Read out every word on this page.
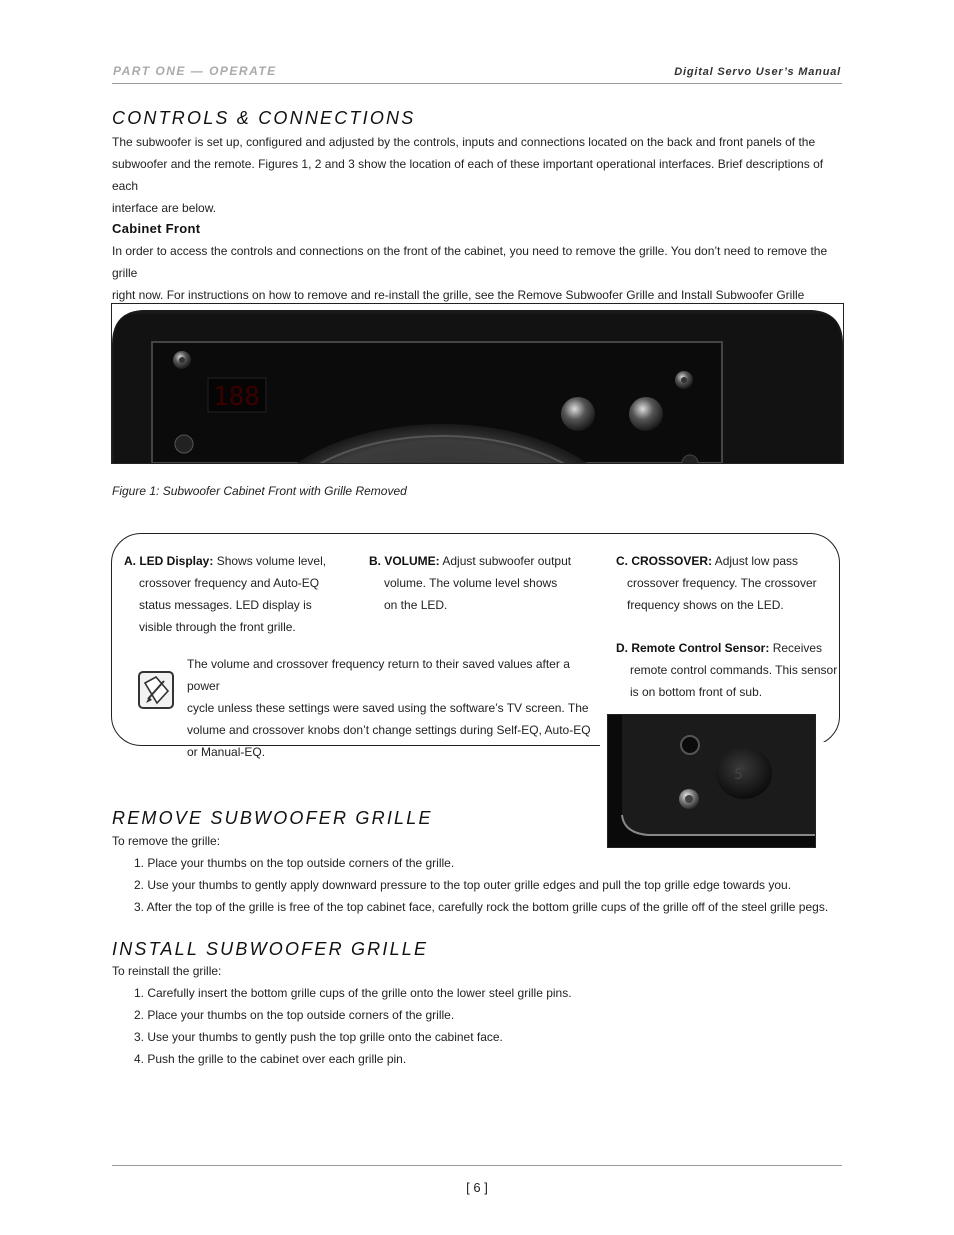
PART ONE — OPERATE	Digital Servo User’s Manual
CONTROLS & CONNECTIONS
The subwoofer is set up, configured and adjusted by the controls, inputs and connections located on the back and front panels of the
subwoofer and the remote. Figures 1, 2 and 3 show the location of each of these important operational interfaces. Brief descriptions of each
interface are below.
Cabinet Front
In order to access the controls and connections on the front of the cabinet, you need to remove the grille. You don’t need to remove the grille
right now. For instructions on how to remove and re-install the grille, see the Remove Subwoofer Grille and Install Subwoofer Grille
188
Figure 1: Subwoofer Cabinet Front with Grille Removed
A. LED Display: Shows volume level,
crossover frequency and Auto-EQ
status messages. LED display is
visible through the front grille.
B. VOLUME: Adjust subwoofer output
volume. The volume level shows
on the LED.
C. CROSSOVER: Adjust low pass
crossover frequency. The crossover
frequency shows on the LED.
D. Remote Control Sensor: Receives
remote control commands. This sensor
is on bottom front of sub.
The volume and crossover frequency return to their saved values after a power
cycle unless these settings were saved using the software’s TV screen. The
volume and crossover knobs don’t change settings during Self-EQ, Auto-EQ
or Manual-EQ.
5
REMOVE SUBWOOFER GRILLE
To remove the grille:
1. Place your thumbs on the top outside corners of the grille.
2. Use your thumbs to gently apply downward pressure to the top outer grille edges and pull the top grille edge towards you.
3. After the top of the grille is free of the top cabinet face, carefully rock the bottom grille cups of the grille off of the steel grille pegs.
INSTALL SUBWOOFER GRILLE
To reinstall the grille:
1. Carefully insert the bottom grille cups of the grille onto the lower steel grille pins.
2. Place your thumbs on the top outside corners of the grille.
3. Use your thumbs to gently push the top grille onto the cabinet face.
4. Push the grille to the cabinet over each grille pin.
[ 6 ]
